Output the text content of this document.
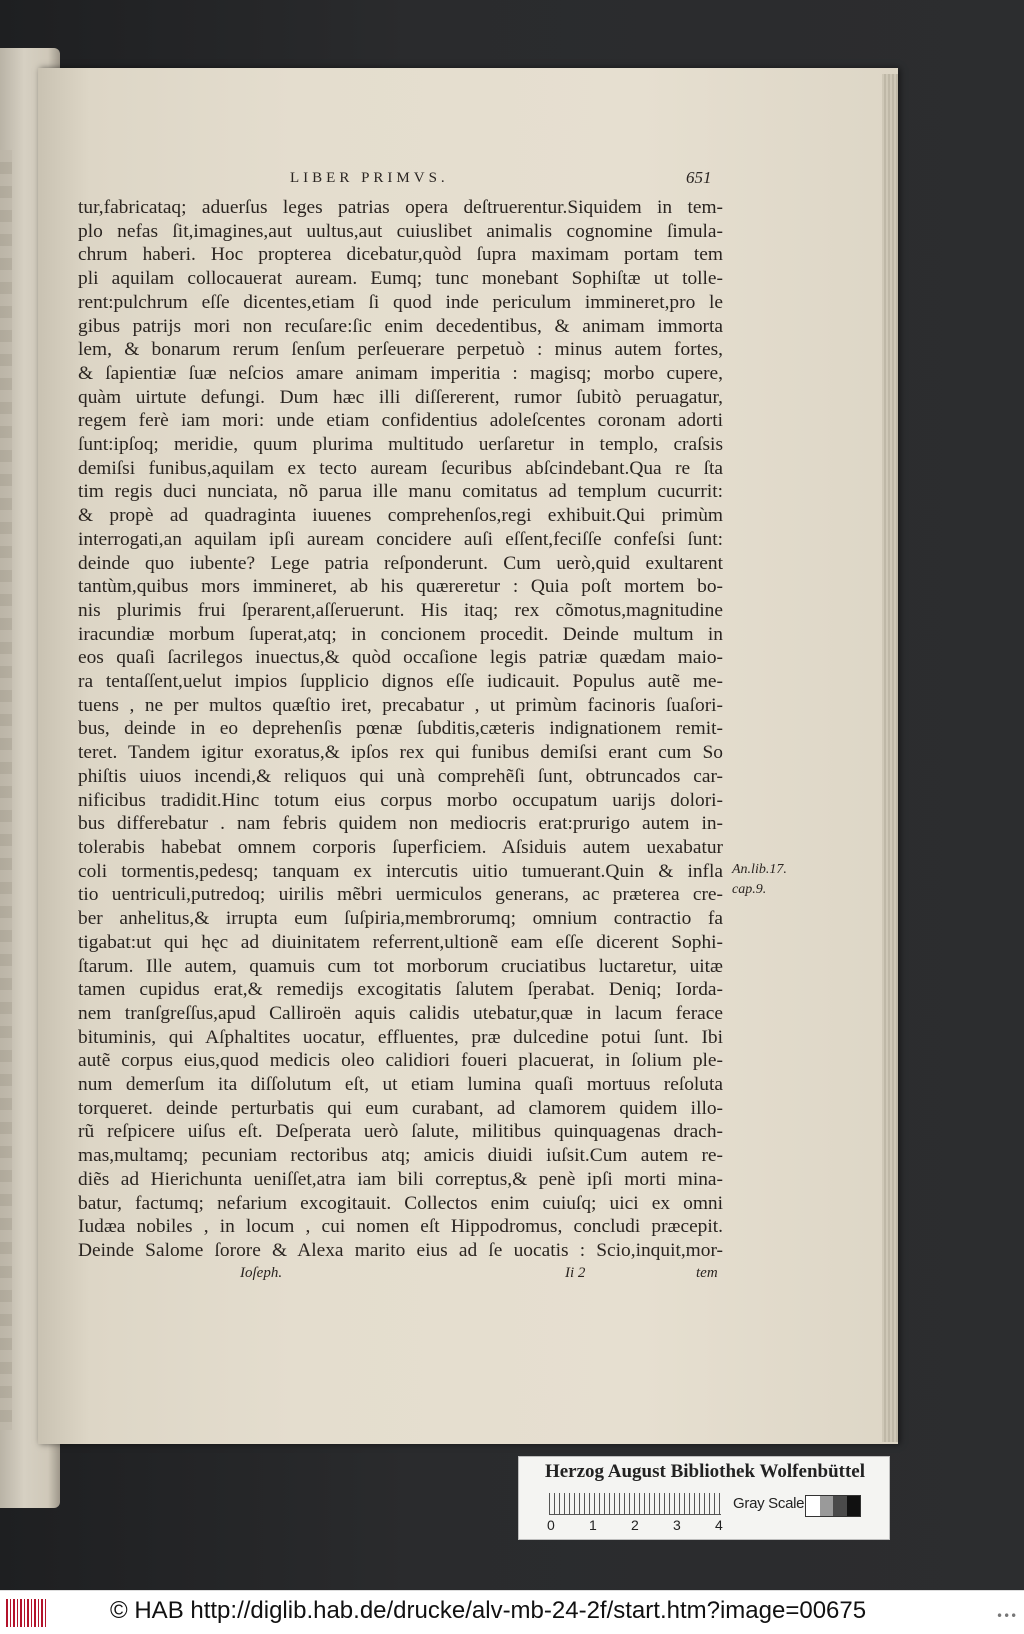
LIBER PRIMVS.	651
tur,fabricataq; aduerſus leges patrias opera deſtruerentur.Siquidem in tem-
plo nefas ſit,imagines,aut uultus,aut cuiuslibet animalis cognomine ſimula-
chrum haberi. Hoc propterea dicebatur,quòd ſupra maximam portam tem
pli aquilam collocauerat auream. Eumq; tunc monebant Sophiſtæ ut tolle-
rent:pulchrum eſſe dicentes,etiam ſi quod inde periculum immineret,pro le
gibus patrijs mori non recuſare:ſic enim decedentibus, & animam immorta
lem, & bonarum rerum ſenſum perſeuerare perpetuò : minus autem fortes,
& ſapientiæ ſuæ neſcios amare animam imperitia : magisq; morbo cupere,
quàm uirtute defungi. Dum hæc illi diſſererent, rumor ſubitò peruagatur,
regem ferè iam mori: unde etiam confidentius adoleſcentes coronam adorti
ſunt:ipſoq; meridie, quum plurima multitudo uerſaretur in templo, craſsis
demiſsi funibus,aquilam ex tecto auream ſecuribus abſcindebant.Qua re ſta
tim regis duci nunciata, nõ parua ille manu comitatus ad templum cucurrit:
& propè ad quadraginta iuuenes comprehenſos,regi exhibuit.Qui primùm
interrogati,an aquilam ipſi auream concidere auſi eſſent,feciſſe confeſsi ſunt:
deinde quo iubente? Lege patria reſponderunt. Cum uerò,quid exultarent
tantùm,quibus mors immineret, ab his quæreretur : Quia poſt mortem bo-
nis plurimis frui ſperarent,aſſeruerunt. His itaq; rex cõmotus,magnitudine
iracundiæ morbum ſuperat,atq; in concionem procedit. Deinde multum in
eos quaſi ſacrilegos inuectus,& quòd occaſione legis patriæ quædam maio-
ra tentaſſent,uelut impios ſupplicio dignos eſſe iudicauit. Populus autẽ me-
tuens , ne per multos quæſtio iret, precabatur , ut primùm facinoris ſuaſori-
bus, deinde in eo deprehenſis pœnæ ſubditis,cæteris indignationem remit-
teret. Tandem igitur exoratus,& ipſos rex qui funibus demiſsi erant cum So
phiſtis uiuos incendi,& reliquos qui unà comprehẽſi ſunt, obtruncados car-
nificibus tradidit.Hinc totum eius corpus morbo occupatum uarijs dolori-
bus differebatur . nam febris quidem non mediocris erat:prurigo autem in-
tolerabis habebat omnem corporis ſuperficiem. Aſsiduis autem uexabatur
coli tormentis,pedesq; tanquam ex intercutis uitio tumuerant.Quin & infla
tio uentriculi,putredoq; uirilis mẽbri uermiculos generans, ac præterea cre-
ber anhelitus,& irrupta eum ſuſpiria,membrorumq; omnium contractio fa
tigabat:ut qui hęc ad diuinitatem referrent,ultionẽ eam eſſe dicerent Sophi-
ſtarum. Ille autem, quamuis cum tot morborum cruciatibus luctaretur, uitæ
tamen cupidus erat,& remedijs excogitatis ſalutem ſperabat. Deniq; Iorda-
nem tranſgreſſus,apud Calliroën aquis calidis utebatur,quæ in lacum ferace
bituminis, qui Aſphaltites uocatur, effluentes, præ dulcedine potui ſunt. Ibi
autẽ corpus eius,quod medicis oleo calidiori foueri placuerat, in ſolium ple-
num demerſum ita diſſolutum eſt, ut etiam lumina quaſi mortuus reſoluta
torqueret. deinde perturbatis qui eum curabant, ad clamorem quidem illo-
rũ reſpicere uiſus eſt. Deſperata uerò ſalute, militibus quinquagenas drach-
mas,multamq; pecuniam rectoribus atq; amicis diuidi iuſsit.Cum autem re-
diẽs ad Hierichunta ueniſſet,atra iam bili correptus,& penè ipſi morti mina-
batur, factumq; nefarium excogitauit. Collectos enim cuiuſq; uici ex omni
Iudæa nobiles , in locum , cui nomen eſt Hippodromus, concludi præcepit.
Deinde Salome ſorore & Alexa marito eius ad ſe uocatis : Scio,inquit,mor-
An.lib.17.
cap.9.
Ioſeph.	Ii 2	tem
Herzog August Bibliothek Wolfenbüttel
0 1 2 3 4
Gray Scale
© HAB http://diglib.hab.de/drucke/alv-mb-24-2f/start.htm?image=00675	•••
